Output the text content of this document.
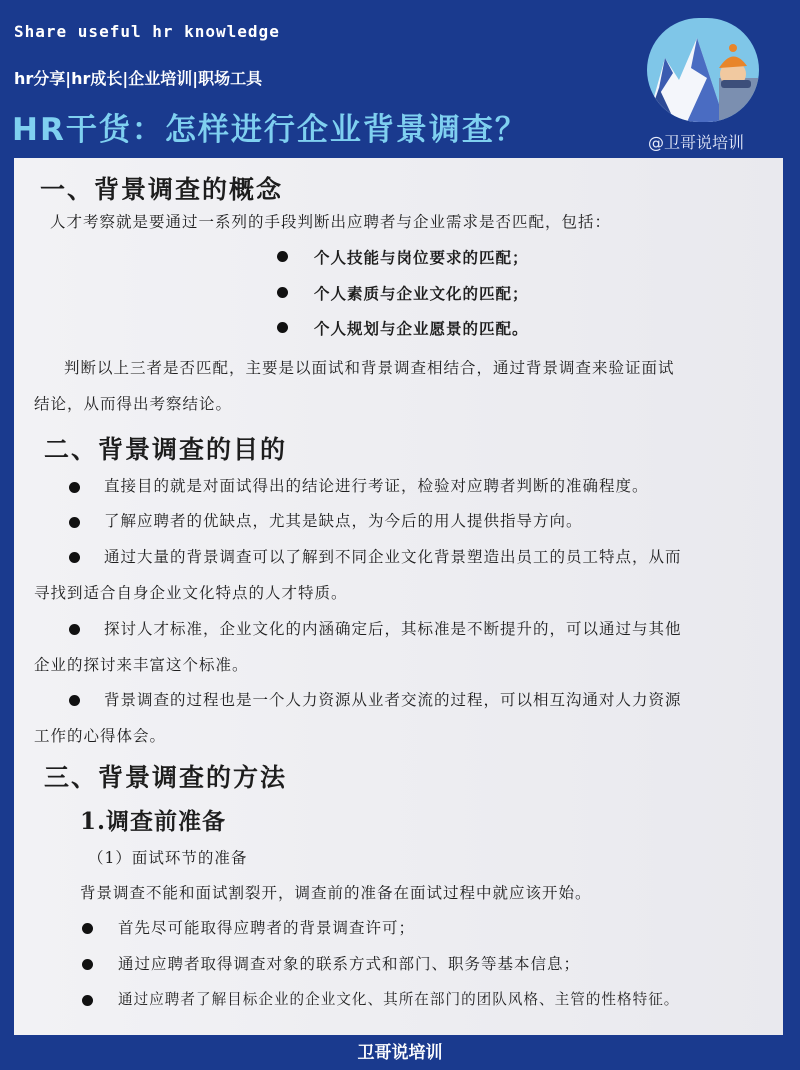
Share useful hr knowledge
hr分享|hr成长|企业培训|职场工具
HR干货：怎样进行企业背景调查？	@卫哥说培训
一、背景调查的概念
人才考察就是要通过一系列的手段判断出应聘者与企业需求是否匹配，包括：
个人技能与岗位要求的匹配；
个人素质与企业文化的匹配；
个人规划与企业愿景的匹配。
判断以上三者是否匹配，主要是以面试和背景调查相结合，通过背景调查来验证面试
结论，从而得出考察结论。
二、背景调查的目的
直接目的就是对面试得出的结论进行考证，检验对应聘者判断的准确程度。
了解应聘者的优缺点，尤其是缺点，为今后的用人提供指导方向。
通过大量的背景调查可以了解到不同企业文化背景塑造出员工的员工特点，从而
寻找到适合自身企业文化特点的人才特质。
探讨人才标准，企业文化的内涵确定后，其标准是不断提升的，可以通过与其他
企业的探讨来丰富这个标准。
背景调查的过程也是一个人力资源从业者交流的过程，可以相互沟通对人力资源
工作的心得体会。
三、背景调查的方法
1.调查前准备
（1）面试环节的准备
背景调查不能和面试割裂开，调查前的准备在面试过程中就应该开始。
首先尽可能取得应聘者的背景调查许可；
通过应聘者取得调查对象的联系方式和部门、职务等基本信息；
通过应聘者了解目标企业的企业文化、其所在部门的团队风格、主管的性格特征。
卫哥说培训
